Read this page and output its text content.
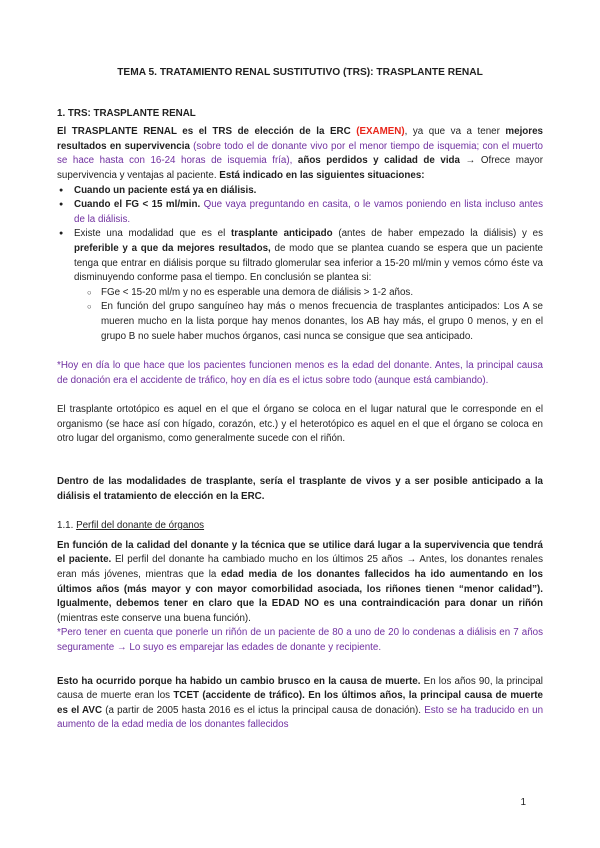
TEMA 5. TRATAMIENTO RENAL SUSTITUTIVO (TRS): TRASPLANTE RENAL
1. TRS: TRASPLANTE RENAL
El TRASPLANTE RENAL es el TRS de elección de la ERC (EXAMEN), ya que va a tener mejores resultados en supervivencia (sobre todo el de donante vivo por el menor tiempo de isquemia; con el muerto se hace hasta con 16-24 horas de isquemia fría), años perdidos y calidad de vida → Ofrece mayor supervivencia y ventajas al paciente. Está indicado en las siguientes situaciones:
●	Cuando un paciente está ya en diálisis.
●	Cuando el FG < 15 ml/min. Que vaya preguntando en casita, o le vamos poniendo en lista incluso antes de la diálisis.
●	Existe una modalidad que es el trasplante anticipado (antes de haber empezado la diálisis) y es preferible y a que da mejores resultados, de modo que se plantea cuando se espera que un paciente tenga que entrar en diálisis porque su filtrado glomerular sea inferior a 15-20 ml/min y vemos cómo éste va disminuyendo conforme pasa el tiempo. En conclusión se plantea si:
○ FGe < 15-20 ml/m y no es esperable una demora de diálisis > 1-2 años.
○ En función del grupo sanguíneo hay más o menos frecuencia de trasplantes anticipados: Los A se mueren mucho en la lista porque hay menos donantes, los AB hay más, el grupo 0 menos, y en el grupo B no suele haber muchos órganos, casi nunca se consigue que sea anticipado.
*Hoy en día lo que hace que los pacientes funcionen menos es la edad del donante. Antes, la principal causa de donación era el accidente de tráfico, hoy en día es el ictus sobre todo (aunque está cambiando).
El trasplante ortotópico es aquel en el que el órgano se coloca en el lugar natural que le corresponde en el organismo (se hace así con hígado, corazón, etc.) y el heterotópico es aquel en el que el órgano se coloca en otro lugar del organismo, como generalmente sucede con el riñón.
Dentro de las modalidades de trasplante, sería el trasplante de vivos y a ser posible anticipado a la diálisis el tratamiento de elección en la ERC.
1.1. Perfil del donante de órganos
En función de la calidad del donante y la técnica que se utilice dará lugar a la supervivencia que tendrá el paciente. El perfil del donante ha cambiado mucho en los últimos 25 años → Antes, los donantes renales eran más jóvenes, mientras que la edad media de los donantes fallecidos ha ido aumentando en los últimos años (más mayor y con mayor comorbilidad asociada, los riñones tienen “menor calidad”). Igualmente, debemos tener en claro que la EDAD NO es una contraindicación para donar un riñón (mientras este conserve una buena función).
*Pero tener en cuenta que ponerle un riñón de un paciente de 80 a uno de 20 lo condenas a diálisis en 7 años seguramente → Lo suyo es emparejar las edades de donante y recipiente.
Esto ha ocurrido porque ha habido un cambio brusco en la causa de muerte. En los años 90, la principal causa de muerte eran los TCET (accidente de tráfico). En los últimos años, la principal causa de muerte es el AVC (a partir de 2005 hasta 2016 es el ictus la principal causa de donación). Esto se ha traducido en un aumento de la edad media de los donantes fallecidos
1
